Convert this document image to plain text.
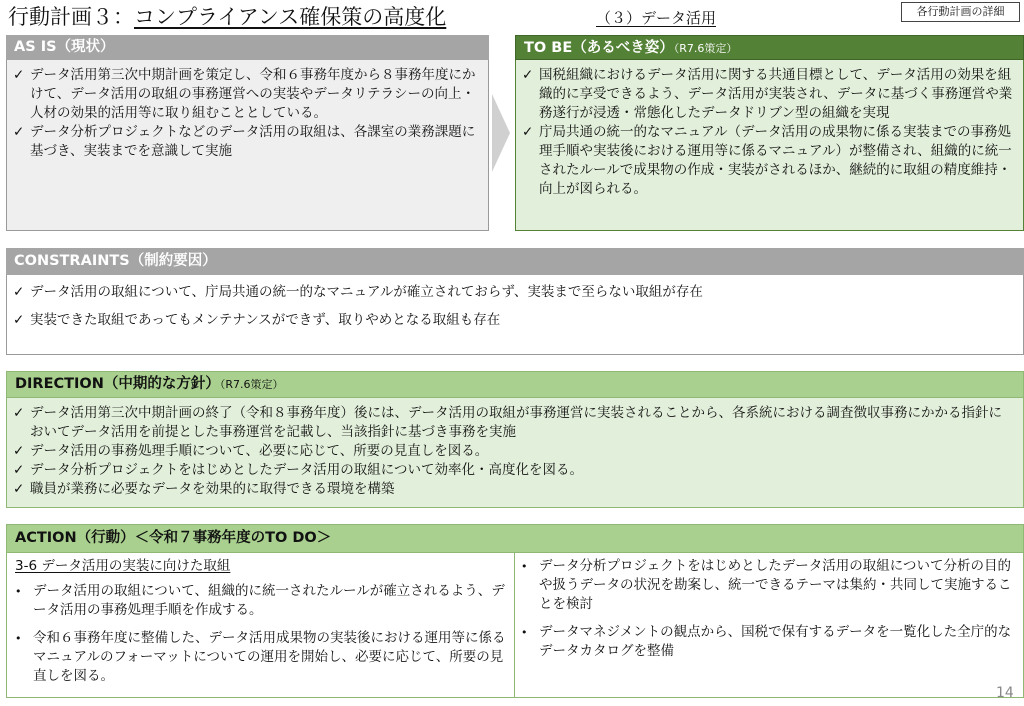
行動計画３：コンプライアンス確保策の高度化	（３）データ活用	各行動計画の詳細
AS IS（現状）
✓ データ活用第三次中期計画を策定し、令和６事務年度から８事務年度にかけて、データ活用の取組の事務運営への実装やデータリテラシーの向上・人材の効果的活用等に取り組むこととしている。
✓ データ分析プロジェクトなどのデータ活用の取組は、各課室の業務課題に基づき、実装までを意識して実施
TO BE（あるべき姿）（R7.6策定）
✓ 国税組織におけるデータ活用に関する共通目標として、データ活用の効果を組織的に享受できるよう、データ活用が実装され、データに基づく事務運営や業務遂行が浸透・常態化したデータドリブン型の組織を実現
✓ 庁局共通の統一的なマニュアル（データ活用の成果物に係る実装までの事務処理手順や実装後における運用等に係るマニュアル）が整備され、組織的に統一されたルールで成果物の作成・実装がされるほか、継続的に取組の精度維持・向上が図られる。
CONSTRAINTS（制約要因）
✓ データ活用の取組について、庁局共通の統一的なマニュアルが確立されておらず、実装まで至らない取組が存在
✓ 実装できた取組であってもメンテナンスができず、取りやめとなる取組も存在
DIRECTION（中期的な方針）（R7.6策定）
✓ データ活用第三次中期計画の終了（令和８事務年度）後には、データ活用の取組が事務運営に実装されることから、各系統における調査徴収事務にかかる指針においてデータ活用を前提とした事務運営を記載し、当該指針に基づき事務を実施
✓ データ活用の事務処理手順について、必要に応じて、所要の見直しを図る。
✓ データ分析プロジェクトをはじめとしたデータ活用の取組について効率化・高度化を図る。
✓ 職員が業務に必要なデータを効果的に取得できる環境を構築
ACTION（行動）＜令和７事務年度のTO DO＞
3-6 データ活用の実装に向けた取組
• データ活用の取組について、組織的に統一されたルールが確立されるよう、データ活用の事務処理手順を作成する。
• 令和６事務年度に整備した、データ活用成果物の実装後における運用等に係るマニュアルのフォーマットについての運用を開始し、必要に応じて、所要の見直しを図る。
• データ分析プロジェクトをはじめとしたデータ活用の取組について分析の目的や扱うデータの状況を勘案し、統一できるテーマは集約・共同して実施することを検討
• データマネジメントの観点から、国税で保有するデータを一覧化した全庁的なデータカタログを整備
14
